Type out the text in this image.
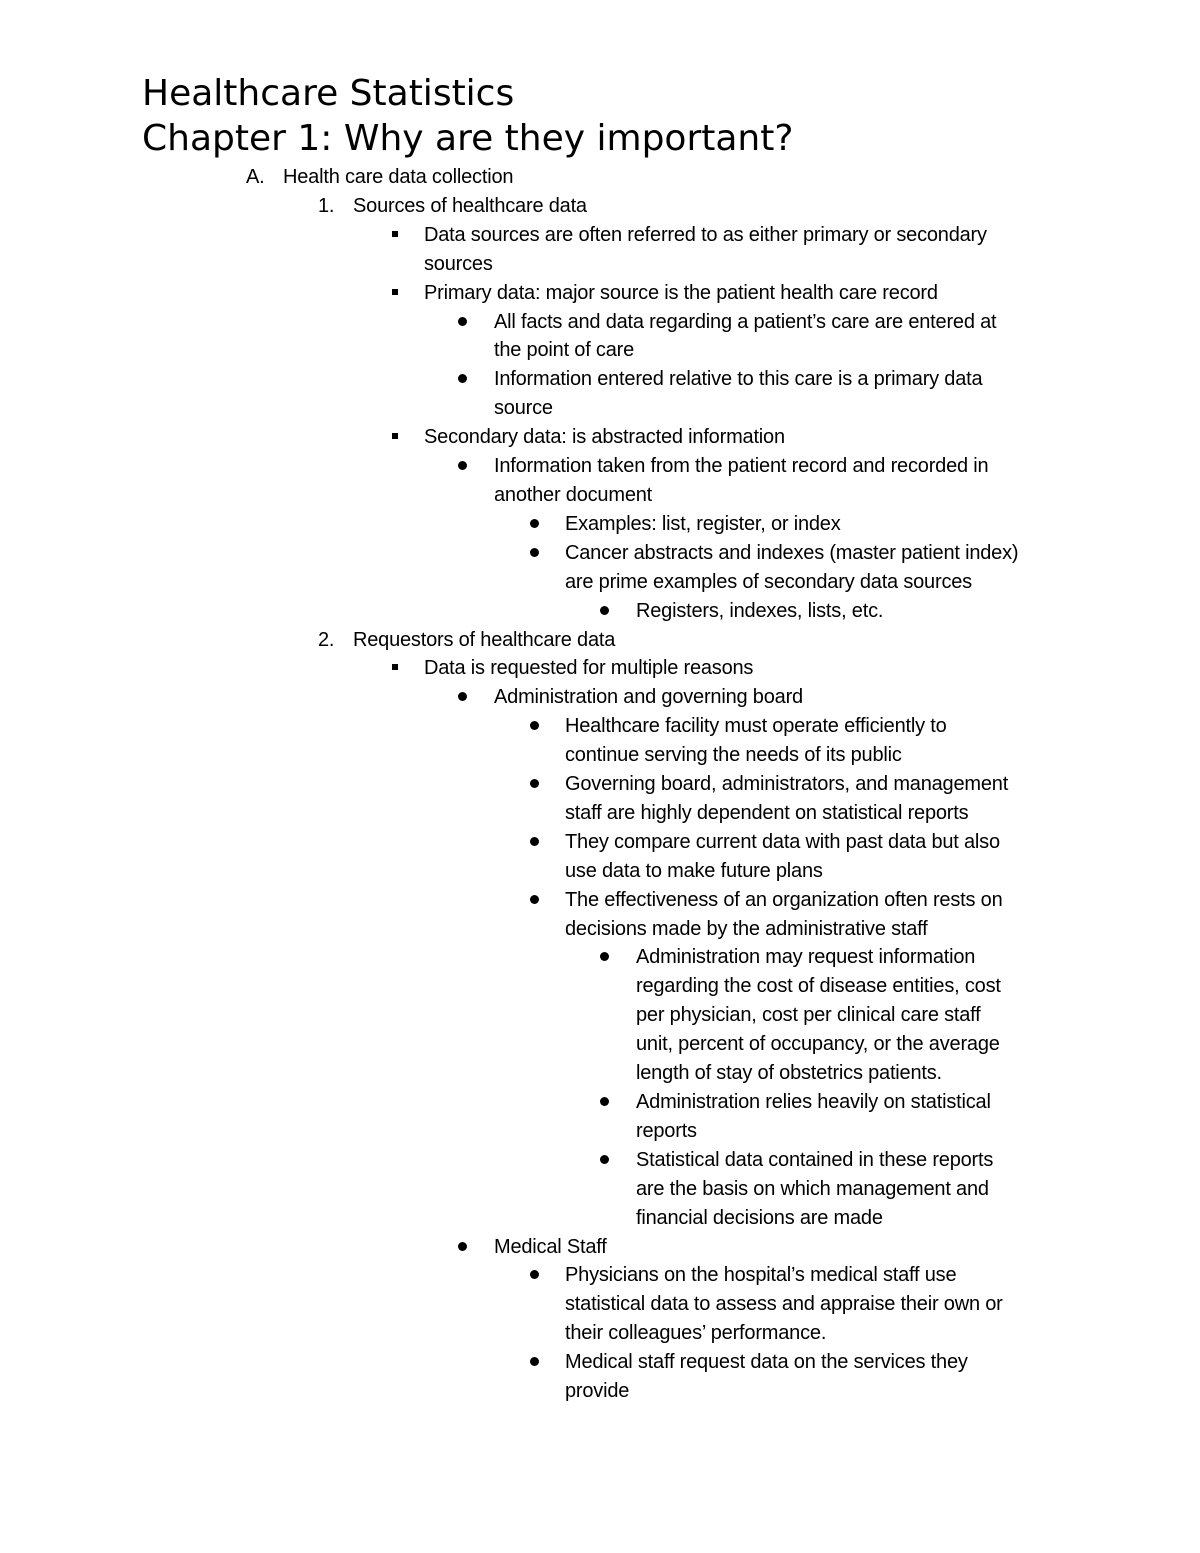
Healthcare Statistics
Chapter 1: Why are they important?
A. Health care data collection
1. Sources of healthcare data
Data sources are often referred to as either primary or secondary
sources
Primary data: major source is the patient health care record
All facts and data regarding a patient’s care are entered at
the point of care
Information entered relative to this care is a primary data
source
Secondary data: is abstracted information
Information taken from the patient record and recorded in
another document
Examples: list, register, or index
Cancer abstracts and indexes (master patient index)
are prime examples of secondary data sources
Registers, indexes, lists, etc.
2. Requestors of healthcare data
Data is requested for multiple reasons
Administration and governing board
Healthcare facility must operate efficiently to
continue serving the needs of its public
Governing board, administrators, and management
staff are highly dependent on statistical reports
They compare current data with past data but also
use data to make future plans
The effectiveness of an organization often rests on
decisions made by the administrative staff
Administration may request information
regarding the cost of disease entities, cost
per physician, cost per clinical care staff
unit, percent of occupancy, or the average
length of stay of obstetrics patients.
Administration relies heavily on statistical
reports
Statistical data contained in these reports
are the basis on which management and
financial decisions are made
Medical Staff
Physicians on the hospital’s medical staff use
statistical data to assess and appraise their own or
their colleagues’ performance.
Medical staff request data on the services they
provide
